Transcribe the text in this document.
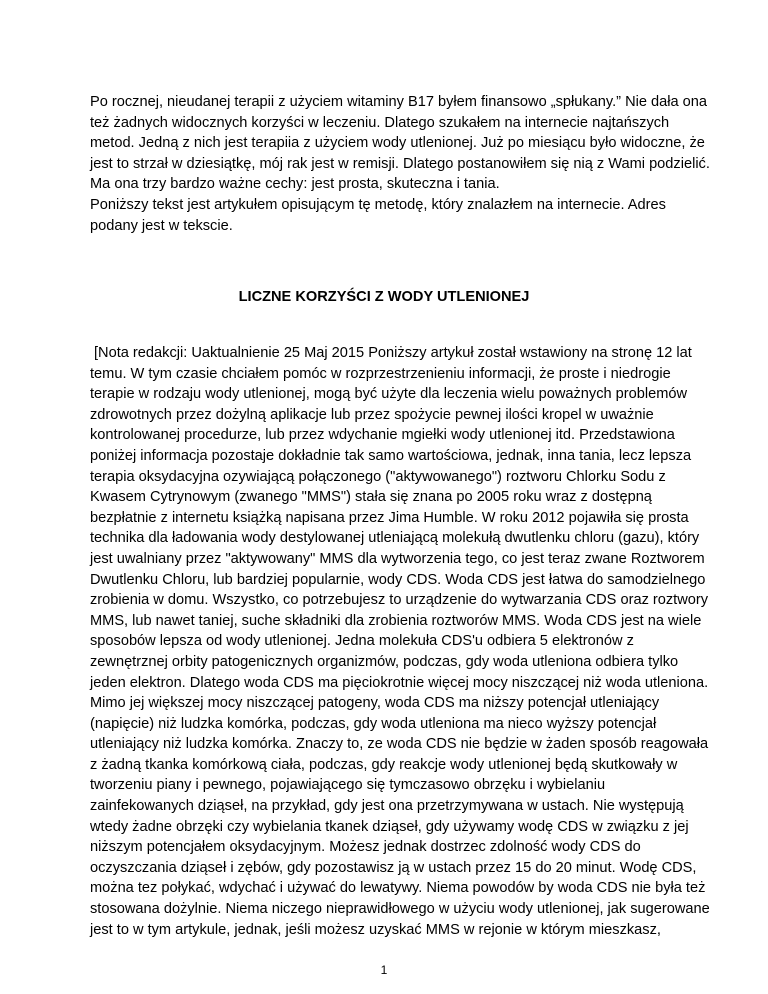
Po rocznej, nieudanej terapii z użyciem witaminy B17 byłem finansowo „spłukany.” Nie dała ona
też żadnych widocznych korzyści w leczeniu. Dlatego szukałem na internecie najtańszych
metod. Jedną z nich jest terapiia z użyciem wody utlenionej. Już po miesiącu było widoczne, że
jest to strzał w dziesiątkę, mój rak jest w remisji. Dlatego postanowiłem się nią z Wami podzielić.
Ma ona trzy bardzo ważne cechy: jest prosta, skuteczna i tania.

Poniższy tekst jest artykułem opisującym tę metodę, który znalazłem na internecie. Adres
podany jest w tekscie.

LICZNE KORZYŚCI Z WODY UTLENIONEJ

[Nota redakcji: Uaktualnienie 25 Maj 2015 Poniższy artykuł został wstawiony na stronę 12 lat
temu. W tym czasie chciałem pomóc w rozprzestrzenieniu informacji, że proste i niedrogie
terapie w rodzaju wody utlenionej, mogą być użyte dla leczenia wielu poważnych problemów
zdrowotnych przez dożylną aplikacje lub przez spożycie pewnej ilości kropel w uważnie
kontrolowanej procedurze, lub przez wdychanie mgiełki wody utlenionej itd. Przedstawiona
poniżej informacja pozostaje dokładnie tak samo wartościowa, jednak, inna tania, lecz lepsza
terapia oksydacyjna ozywiającą połączonego ("aktywowanego") roztworu Chlorku Sodu z
Kwasem Cytrynowym (zwanego "MMS") stała się znana po 2005 roku wraz z dostępną
bezpłatnie z internetu książką napisana przez Jima Humble. W roku 2012 pojawiła się prosta
technika dla ładowania wody destylowanej utleniającą molekułą dwutlenku chloru (gazu), który
jest uwalniany przez "aktywowany" MMS dla wytworzenia tego, co jest teraz zwane Roztworem
Dwutlenku Chloru, lub bardziej popularnie, wody CDS. Woda CDS jest łatwa do samodzielnego
zrobienia w domu. Wszystko, co potrzebujesz to urządzenie do wytwarzania CDS oraz roztwory
MMS, lub nawet taniej, suche składniki dla zrobienia roztworów MMS. Woda CDS jest na wiele
sposobów lepsza od wody utlenionej. Jedna molekuła CDS'u odbiera 5 elektronów z
zewnętrznej orbity patogenicznych organizmów, podczas, gdy woda utleniona odbiera tylko
jeden elektron. Dlatego woda CDS ma pięciokrotnie więcej mocy niszczącej niż woda utleniona.
Mimo jej większej mocy niszczącej patogeny, woda CDS ma niższy potencjał utleniający
(napięcie) niż ludzka komórka, podczas, gdy woda utleniona ma nieco wyższy potencjał
utleniający niż ludzka komórka. Znaczy to, ze woda CDS nie będzie w żaden sposób reagowała
z żadną tkanka komórkową ciała, podczas, gdy reakcje wody utlenionej będą skutkowały w
tworzeniu piany i pewnego, pojawiającego się tymczasowo obrzęku i wybielaniu
zainfekowanych dziąseł, na przykład, gdy jest ona przetrzymywana w ustach. Nie występują
wtedy żadne obrzęki czy wybielania tkanek dziąseł, gdy używamy wodę CDS w związku z jej
niższym potencjałem oksydacyjnym. Możesz jednak dostrzec zdolność wody CDS do
oczyszczania dziąseł i zębów, gdy pozostawisz ją w ustach przez 15 do 20 minut. Wodę CDS,
można tez połykać, wdychać i używać do lewatywy. Niema powodów by woda CDS nie była też
stosowana dożylnie. Niema niczego nieprawidłowego w użyciu wody utlenionej, jak sugerowane
jest to w tym artykule, jednak, jeśli możesz uzyskać MMS w rejonie w którym mieszkasz,

1
